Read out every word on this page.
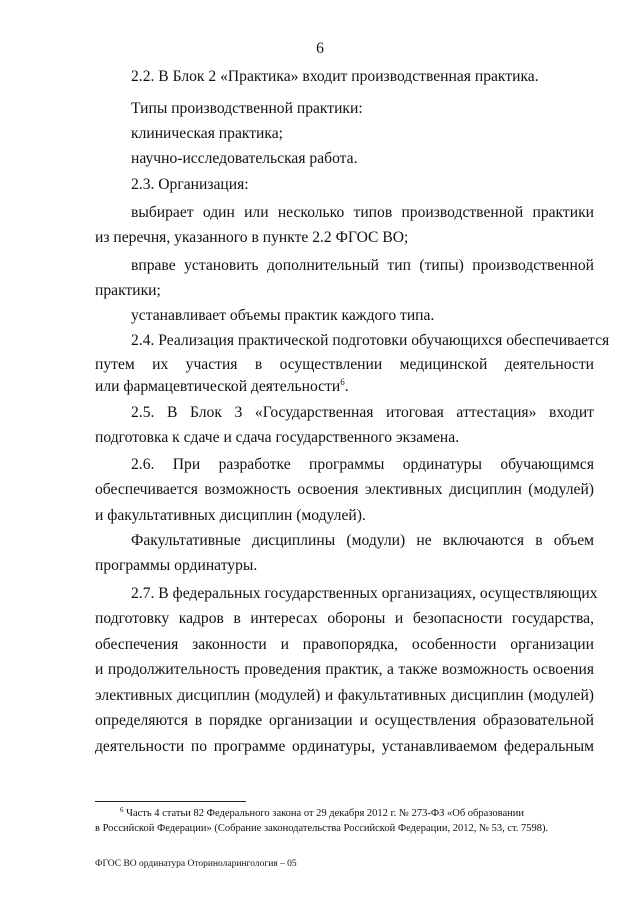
6
2.2. В Блок 2 «Практика» входит производственная практика.
Типы производственной практики:
клиническая практика;
научно-исследовательская работа.
2.3. Организация:
выбирает один или несколько типов производственной практики
из перечня, указанного в пункте 2.2 ФГОС ВО;
вправе установить дополнительный тип (типы) производственной
практики;
устанавливает объемы практик каждого типа.
2.4. Реализация практической подготовки обучающихся обеспечивается
путем их участия в осуществлении медицинской деятельности
или фармацевтической деятельности$^6$.
2.5. В Блок 3 «Государственная итоговая аттестация» входит
подготовка к сдаче и сдача государственного экзамена.
2.6. При разработке программы ординатуры обучающимся
обеспечивается возможность освоения элективных дисциплин (модулей)
и факультативных дисциплин (модулей).
Факультативные дисциплины (модули) не включаются в объем
программы ординатуры.
2.7. В федеральных государственных организациях, осуществляющих
подготовку кадров в интересах обороны и безопасности государства,
обеспечения законности и правопорядка, особенности организации
и продолжительность проведения практик, а также возможность освоения
элективных дисциплин (модулей) и факультативных дисциплин (модулей)
определяются в порядке организации и осуществления образовательной
деятельности по программе ординатуры, устанавливаемом федеральным
$^6$ Часть 4 статьи 82 Федерального закона от 29 декабря 2012 г. № 273-ФЗ «Об образовании
в Российской Федерации» (Собрание законодательства Российской Федерации, 2012, № 53, ст. 7598).
ФГОС ВО ординатура Оториноларингология – 05
